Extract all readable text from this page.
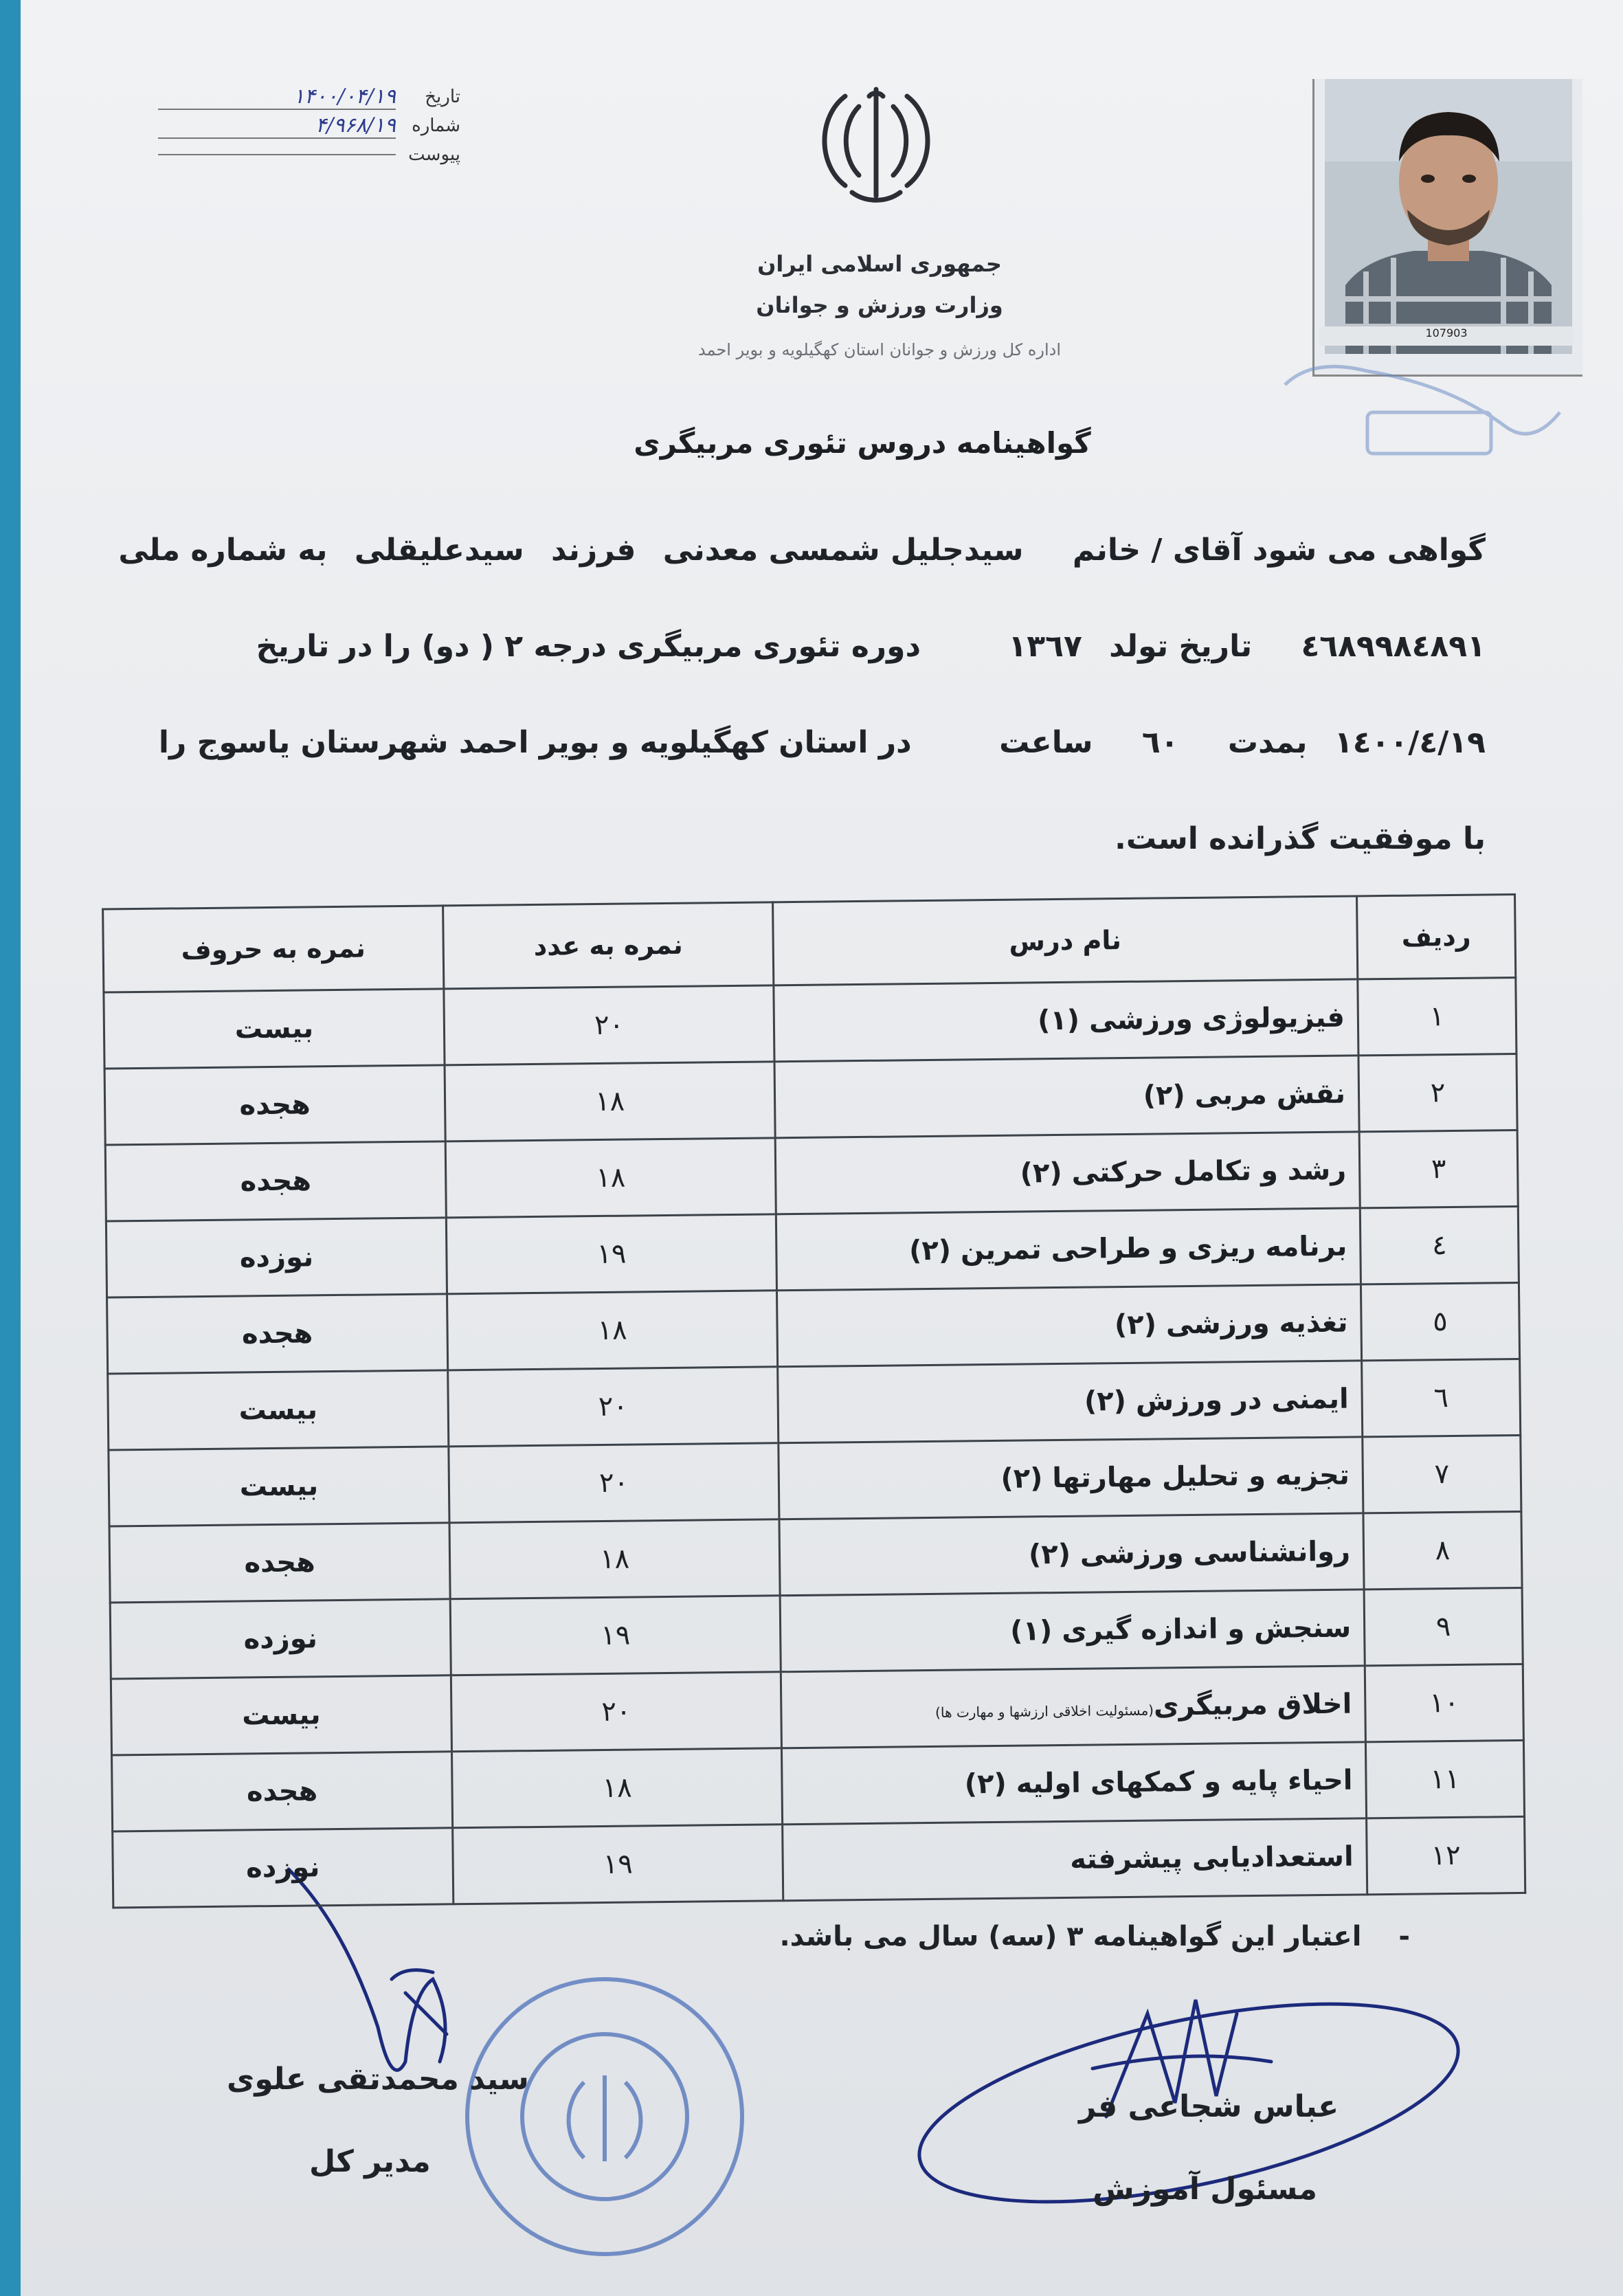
تاریخ
۱۴۰۰/۰۴/۱۹
شماره
۴/۹۶۸/۱۹
پیوست
جمهوری اسلامی ایران
وزارت ورزش و جوانان
اداره کل ورزش و جوانان استان کهگیلویه و بویر احمد
107903
گواهینامه دروس تئوری مربیگری
گواهی می شود آقای / خانم سیدجلیل شمسی معدنی فرزند سیدعلیقلی به شماره ملی
٤٦٨٩٩٨٤٨٩١ تاریخ تولد ١٣٦٧ دوره تئوری مربیگری درجه ۲ ( دو) را در تاریخ
١٤٠٠/٤/١٩ بمدت ٦٠ ساعت در استان کهگیلویه و بویر احمد شهرستان یاسوج را
با موفقیت گذرانده است.
ردیف	نام درس	نمره به عدد	نمره به حروف
۱	فیزیولوژی ورزشی (۱)	۲۰	بیست
۲	نقش مربی (۲)	۱۸	هجده
۳	رشد و تکامل حرکتی (۲)	۱۸	هجده
٤	برنامه ریزی و طراحی تمرین (۲)	۱۹	نوزده
٥	تغذیه ورزشی (۲)	۱۸	هجده
٦	ایمنی در ورزش (۲)	۲۰	بیست
۷	تجزیه و تحلیل مهارتها (۲)	۲۰	بیست
۸	روانشناسی ورزشی (۲)	۱۸	هجده
۹	سنجش و اندازه گیری (۱)	۱۹	نوزده
۱۰	اخلاق مربیگری(مسئولیت اخلاقی ارزشها و مهارت ها)	۲۰	بیست
۱۱	احیاء پایه و کمکهای اولیه (۲)	۱۸	هجده
۱۲	استعدادیابی پیشرفته	۱۹	نوزده
- اعتبار این گواهینامه ۳ (سه) سال می باشد.
سید محمدتقی علوی
مدیر کل
عباس شجاعی فر
مسئول آموزش
